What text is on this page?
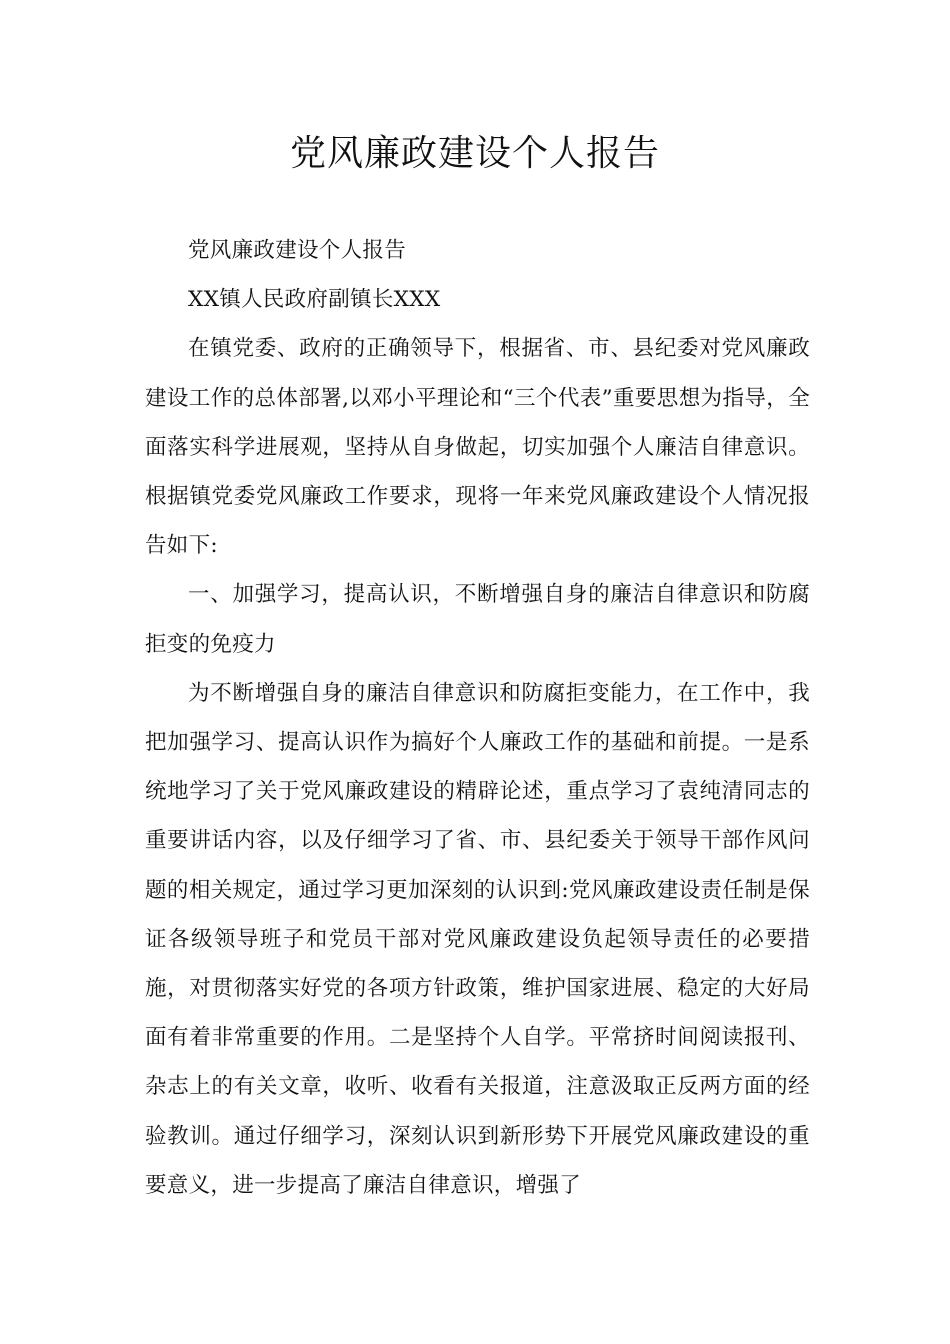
党风廉政建设个人报告

党风廉政建设个人报告

XX镇人民政府副镇长XXX

在镇党委、政府的正确领导下，根据省、市、县纪委对党风廉政建设工作的总体部署,以邓小平理论和“三个代表”重要思想为指导，全面落实科学进展观，坚持从自身做起，切实加强个人廉洁自律意识。根据镇党委党风廉政工作要求，现将一年来党风廉政建设个人情况报告如下:

一、加强学习，提高认识，不断增强自身的廉洁自律意识和防腐拒变的免疫力

为不断增强自身的廉洁自律意识和防腐拒变能力，在工作中，我把加强学习、提高认识作为搞好个人廉政工作的基础和前提。一是系统地学习了关于党风廉政建设的精辟论述，重点学习了袁纯清同志的重要讲话内容，以及仔细学习了省、市、县纪委关于领导干部作风问题的相关规定，通过学习更加深刻的认识到:党风廉政建设责任制是保证各级领导班子和党员干部对党风廉政建设负起领导责任的必要措施，对贯彻落实好党的各项方针政策，维护国家进展、稳定的大好局面有着非常重要的作用。二是坚持个人自学。平常挤时间阅读报刊、杂志上的有关文章，收听、收看有关报道，注意汲取正反两方面的经验教训。通过仔细学习，深刻认识到新形势下开展党风廉政建设的重要意义，进一步提高了廉洁自律意识，增强了
